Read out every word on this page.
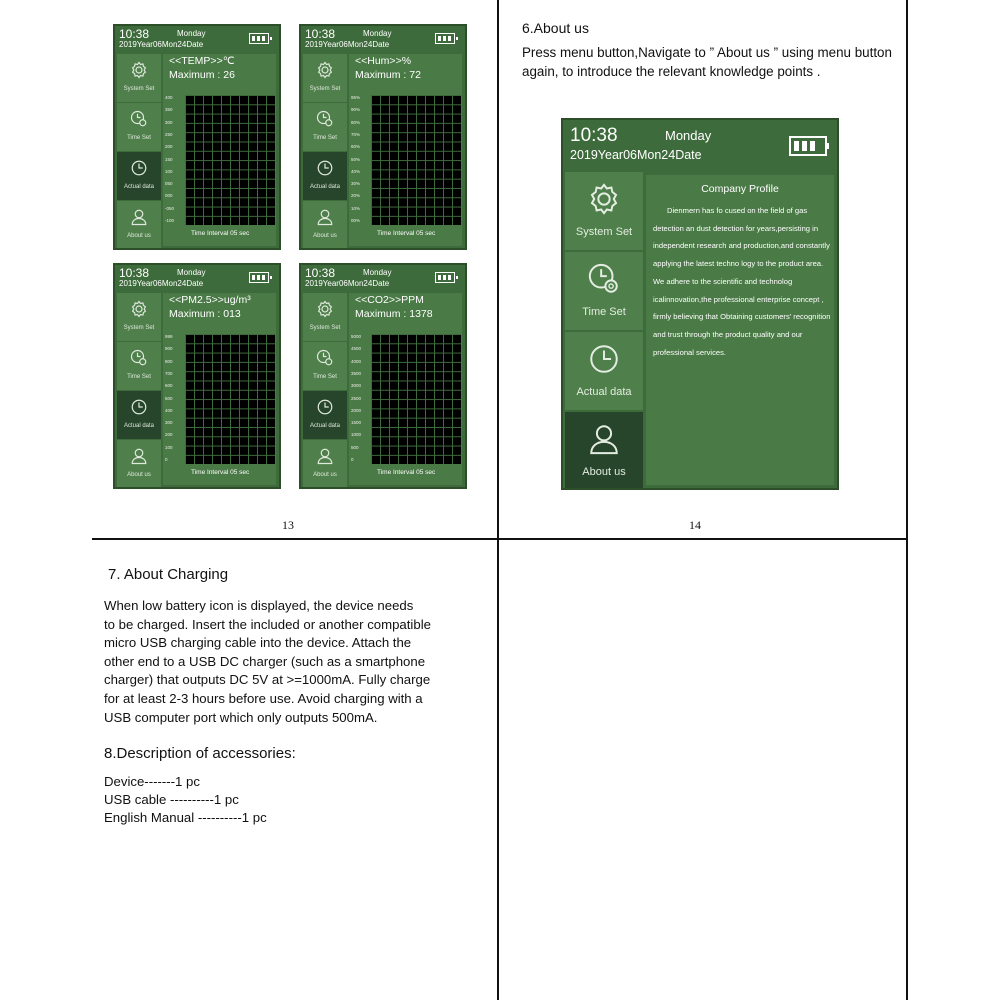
10:38	Monday
2019Year06Mon24Date
System Set
Time Set
Actual data
About us
<<TEMP>>℃
Maximum : 26
400
350
300
250
200
150
100
050
000
-050
-100
Time Interval 05 sec
10:38	Monday
2019Year06Mon24Date
System Set
Time Set
Actual data
About us
<<Hum>>%
Maximum : 72
95%
90%
80%
70%
60%
50%
40%
30%
20%
10%
00%
Time Interval 05 sec
10:38	Monday
2019Year06Mon24Date
System Set
Time Set
Actual data
About us
<<PM2.5>>ug/m³
Maximum : 013
999
900
800
700
600
500
400
300
200
100
0
Time Interval 05 sec
10:38	Monday
2019Year06Mon24Date
System Set
Time Set
Actual data
About us
<<CO2>>PPM
Maximum : 1378
5000
4500
4000
3500
3000
2500
2000
1500
1000
500
0
Time Interval 05 sec
13	14
6.About us
Press menu button,Navigate to ” About us ” using menu button again, to introduce the relevant knowledge points .
10:38	Monday
2019Year06Mon24Date
System Set
Time Set
Actual data
About us
Company Profile
Dienmern has fo cused on the field of gas detection an dust detection for years,persisting in independent research and production,and constantly applying the latest techno logy to the product area. We adhere to the scientific and technolog icalinnovation,the professional enterprise concept , firmly believing that Obtaining customers' recognition and trust through the product quality and our professional services.
7. About Charging
When low battery icon is displayed, the device needs
to be charged. Insert the included or another compatible
micro USB charging cable into the device. Attach the
other end to a USB DC charger (such as a smartphone
charger) that outputs DC 5V at >=1000mA. Fully charge
for at least 2-3 hours before use. Avoid charging with a
USB computer port which only outputs 500mA.
8.Description of accessories:
Device-------1 pc
USB cable ----------1 pc
English Manual ----------1 pc
